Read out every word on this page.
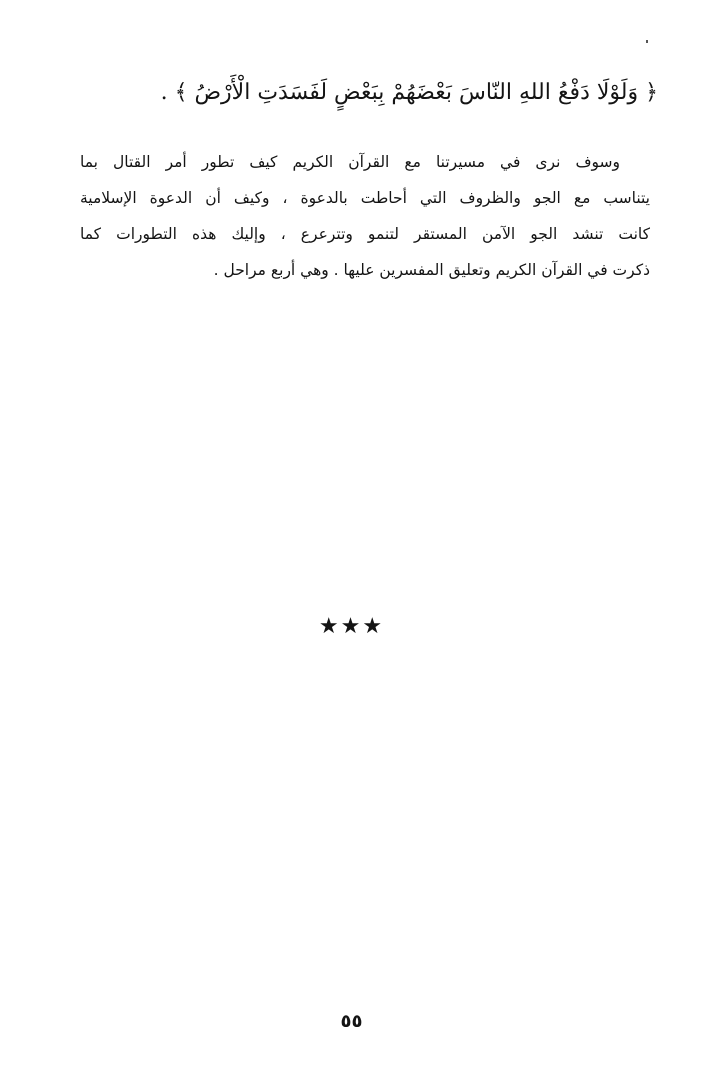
﴿ وَلَوْلَا دَفْعُ اللهِ النّاسَ بَعْضَهُمْ بِبَعْضٍ لَفَسَدَتِ الْأَرْضُ ﴾ .
وسوف نرى في مسيرتنا مع القرآن الكريم كيف تطور أمر القتال بما
يتناسب مع الجو والظروف التي أحاطت بالدعوة ، وكيف أن الدعوة الإسلامية
كانت تنشد الجو الآمن المستقر لتنمو وتترعرع ، وإليك هذه التطورات كما
ذكرت في القرآن الكريم وتعليق المفسرين عليها . وهي أربع مراحل .
★★★
٥٥
